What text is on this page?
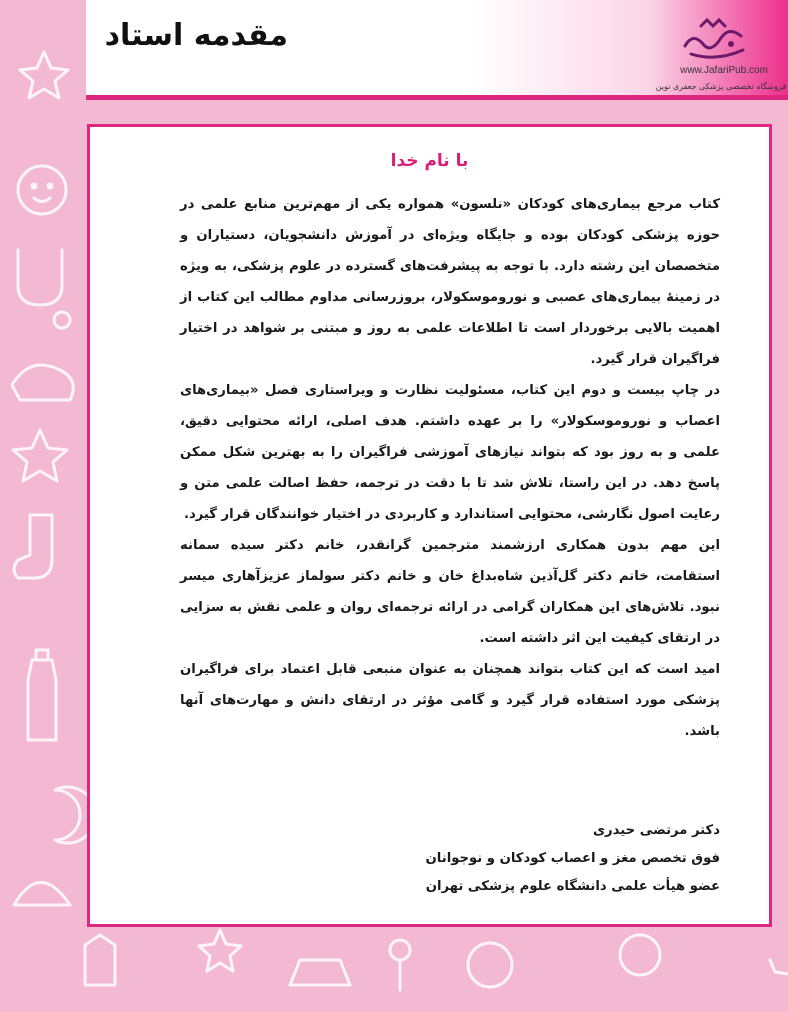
مقدمه استاد
www.JafariPub.com
فروشگاه تخصصی پزشکی جعفری نوین
با نام خدا

کتاب مرجع بیماری‌های کودکان «نلسون» همواره یکی از مهم‌ترین منابع علمی در حوزه پزشکی کودکان بوده و جایگاه ویژه‌ای در آموزش دانشجویان، دستیاران و متخصصان این رشته دارد. با توجه به پیشرفت‌های گسترده در علوم پزشکی، به ویژه در زمینهٔ بیماری‌های عصبی و نوروموسکولار، بروزرسانی مداوم مطالب این کتاب از اهمیت بالایی برخوردار است تا اطلاعات علمی به روز و مبتنی بر شواهد در اختیار فراگیران قرار گیرد.

در چاپ بیست و دوم این کتاب، مسئولیت نظارت و ویراستاری فصل «بیماری‌های اعصاب و نوروموسکولار» را بر عهده داشتم. هدف اصلی، ارائه محتوایی دقیق، علمی و به روز بود که بتواند نیازهای آموزشی فراگیران را به بهترین شکل ممکن پاسخ دهد. در این راستا، تلاش شد تا با دقت در ترجمه، حفظ اصالت علمی متن و رعایت اصول نگارشی، محتوایی استاندارد و کاربردی در اختیار خوانندگان قرار گیرد.

این مهم بدون همکاری ارزشمند مترجمین گرانقدر، خانم دکتر سیده سمانه استقامت، خانم دکتر گل‌آذین شاه‌بداغ خان و خانم دکتر سولماز عزیزآهاری میسر نبود. تلاش‌های این همکاران گرامی در ارائه ترجمه‌ای روان و علمی نقش به سزایی در ارتقای کیفیت این اثر داشته است.

امید است که این کتاب بتواند همچنان به عنوان منبعی قابل اعتماد برای فراگیران پزشکی مورد استفاده قرار گیرد و گامی مؤثر در ارتقای دانش و مهارت‌های آنها باشد.

دکتر مرتضی حیدری
فوق تخصص مغز و اعصاب کودکان و نوجوانان
عضو هیأت علمی دانشگاه علوم پزشکی تهران
